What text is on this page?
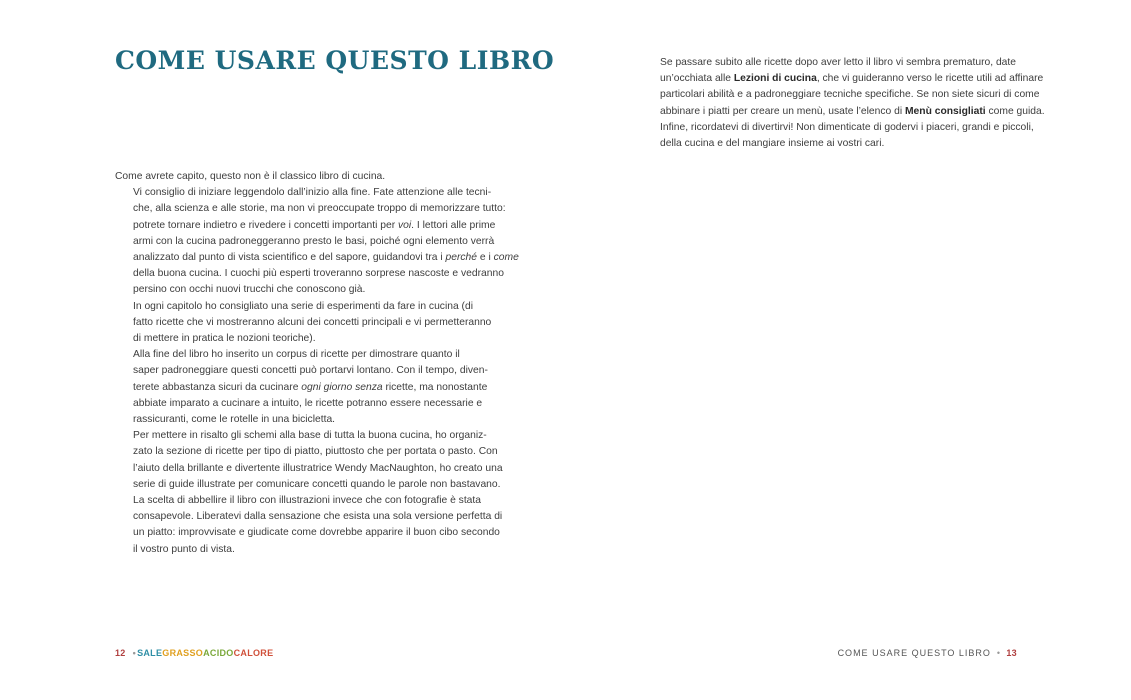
COME USARE QUESTO LIBRO

Come avrete capito, questo non è il classico libro di cucina.

Vi consiglio di iniziare leggendolo dall’inizio alla fine. Fate attenzione alle tecni-
che, alla scienza e alle storie, ma non vi preoccupate troppo di memorizzare tutto:
potrete tornare indietro e rivedere i concetti importanti per voi. I lettori alle prime
armi con la cucina padroneggeranno presto le basi, poiché ogni elemento verrà
analizzato dal punto di vista scientifico e del sapore, guidandovi tra i perché e i come
della buona cucina. I cuochi più esperti troveranno sorprese nascoste e vedranno
persino con occhi nuovi trucchi che conoscono già.

In ogni capitolo ho consigliato una serie di esperimenti da fare in cucina (di
fatto ricette che vi mostreranno alcuni dei concetti principali e vi permetteranno
di mettere in pratica le nozioni teoriche).

Alla fine del libro ho inserito un corpus di ricette per dimostrare quanto il
saper padroneggiare questi concetti può portarvi lontano. Con il tempo, diven-
terete abbastanza sicuri da cucinare ogni giorno senza ricette, ma nonostante
abbiate imparato a cucinare a intuito, le ricette potranno essere necessarie e
rassicuranti, come le rotelle in una bicicletta.

Per mettere in risalto gli schemi alla base di tutta la buona cucina, ho organiz-
zato la sezione di ricette per tipo di piatto, piuttosto che per portata o pasto. Con
l’aiuto della brillante e divertente illustratrice Wendy MacNaughton, ho creato una
serie di guide illustrate per comunicare concetti quando le parole non bastavano.
La scelta di abbellire il libro con illustrazioni invece che con fotografie è stata
consapevole. Liberatevi dalla sensazione che esista una sola versione perfetta di
un piatto: improvvisate e giudicate come dovrebbe apparire il buon cibo secondo
il vostro punto di vista.

Se passare subito alle ricette dopo aver letto il libro vi sembra prematuro, date
un’occhiata alle Lezioni di cucina, che vi guideranno verso le ricette utili ad affinare
particolari abilità e a padroneggiare tecniche specifiche. Se non siete sicuri di come
abbinare i piatti per creare un menù, usate l’elenco di Menù consigliati come guida.

Infine, ricordatevi di divertirvi! Non dimenticate di godervi i piaceri, grandi e piccoli,
della cucina e del mangiare insieme ai vostri cari.

12 • SALE GRASSO ACIDO CALORE	COME USARE QUESTO LIBRO • 13
